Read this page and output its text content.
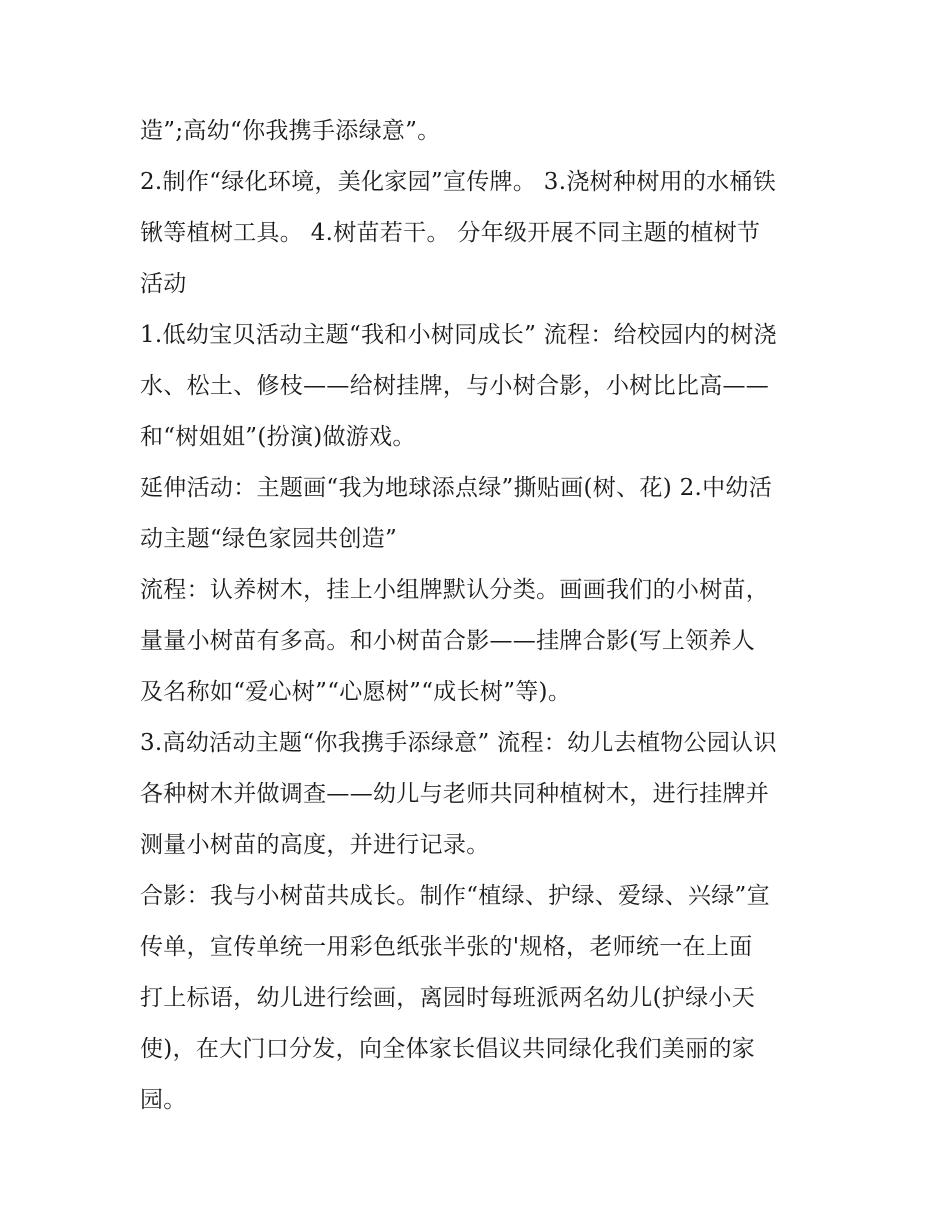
造”;高幼“你我携手添绿意”。
2.制作“绿化环境，美化家园”宣传牌。 3.浇树种树用的水桶铁
锹等植树工具。 4.树苗若干。 分年级开展不同主题的植树节
活动
1.低幼宝贝活动主题“我和小树同成长” 流程：给校园内的树浇
水、松土、修枝——给树挂牌，与小树合影，小树比比高——
和“树姐姐”(扮演)做游戏。
延伸活动：主题画“我为地球添点绿”撕贴画(树、花) 2.中幼活
动主题“绿色家园共创造”
流程：认养树木，挂上小组牌默认分类。画画我们的小树苗，
量量小树苗有多高。和小树苗合影——挂牌合影(写上领养人
及名称如“爱心树”“心愿树”“成长树”等)。
3.高幼活动主题“你我携手添绿意” 流程：幼儿去植物公园认识
各种树木并做调查——幼儿与老师共同种植树木，进行挂牌并
测量小树苗的高度，并进行记录。
合影：我与小树苗共成长。制作“植绿、护绿、爱绿、兴绿”宣
传单，宣传单统一用彩色纸张半张的'规格，老师统一在上面
打上标语，幼儿进行绘画，离园时每班派两名幼儿(护绿小天
使)，在大门口分发，向全体家长倡议共同绿化我们美丽的家
园。
